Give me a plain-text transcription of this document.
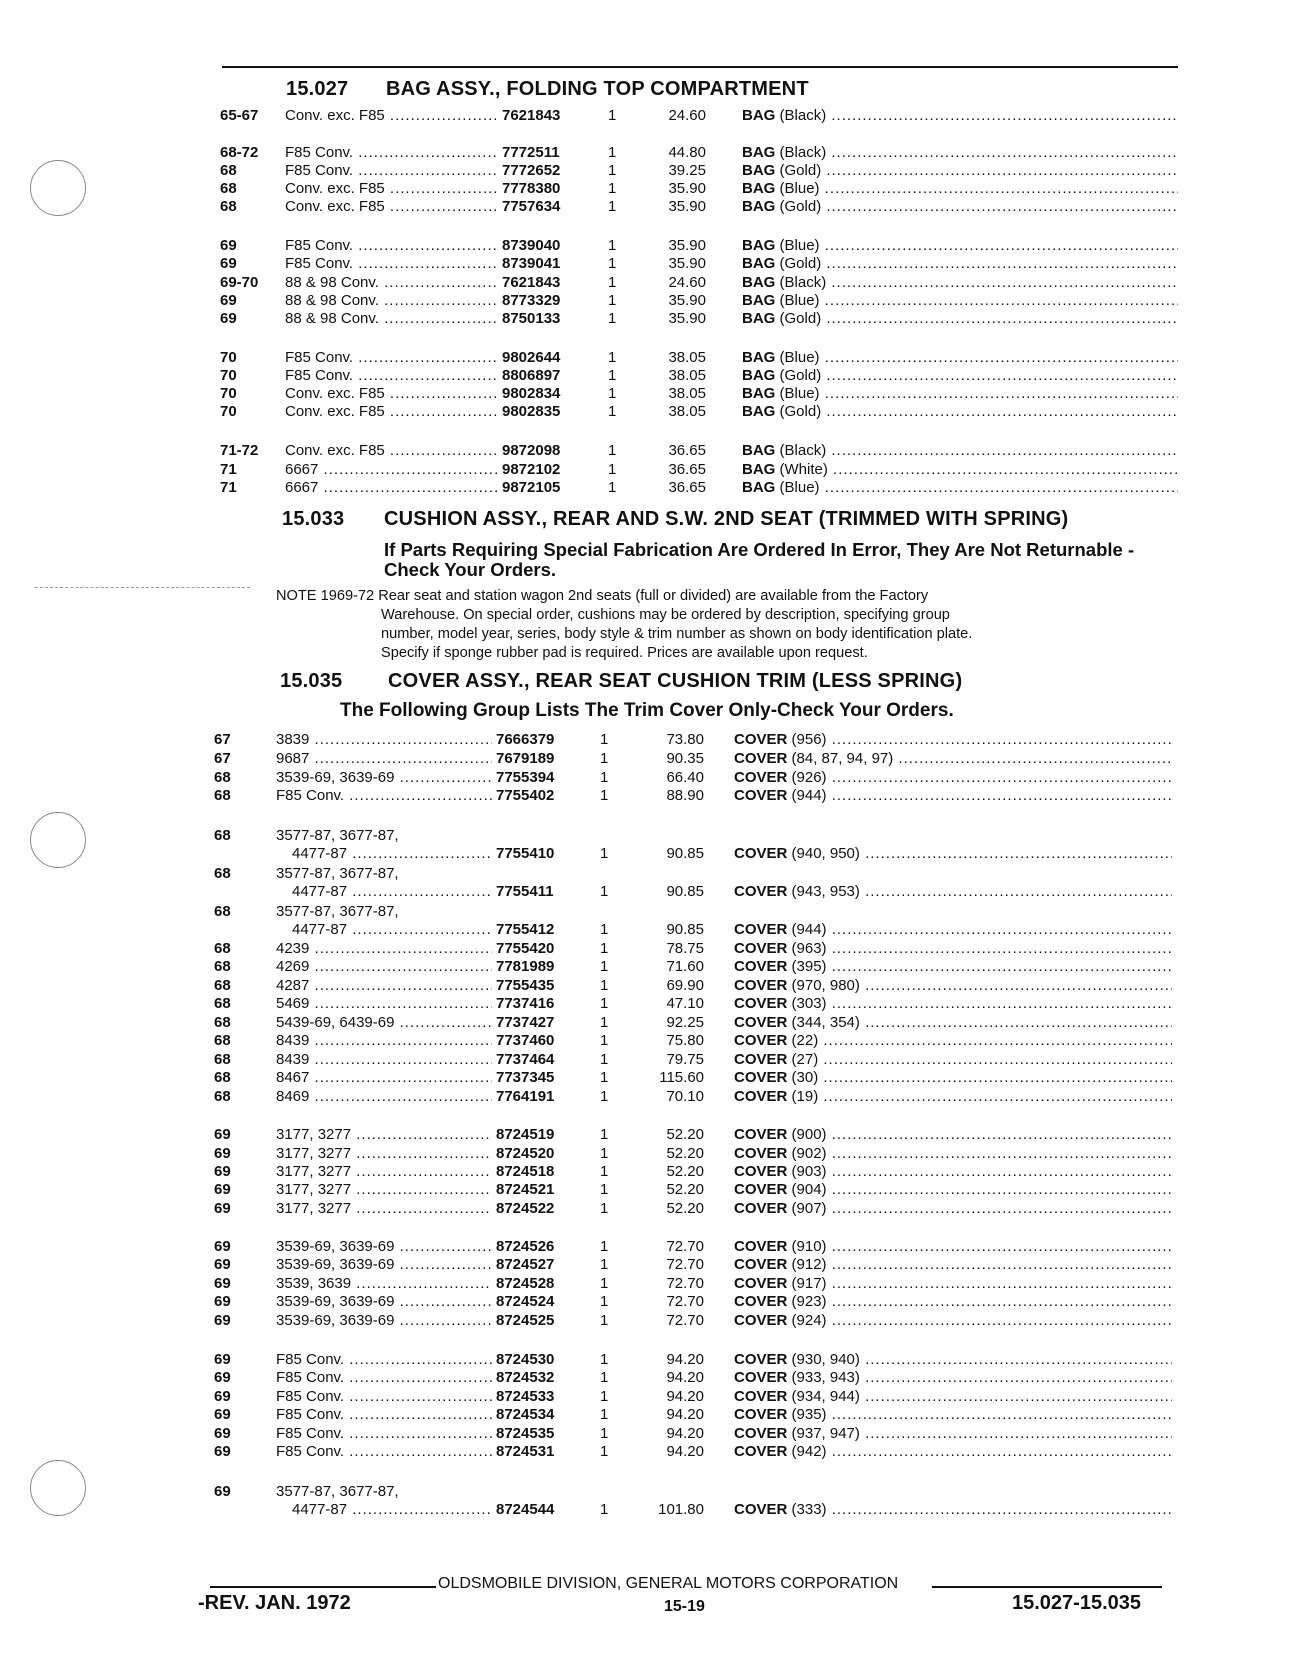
15.027 BAG ASSY., FOLDING TOP COMPARTMENT
65-67 Conv. exc. F85 .....	7621843	1	24.60 BAG (Black) .....
68-72 F85 Conv. .....	7772511	1	44.80 BAG (Black) .....
68	F85 Conv. .....	7772652	1	39.25 BAG (Gold) .....
68	Conv. exc. F85 .....	7778380	1	35.90 BAG (Blue) .....
68	Conv. exc. F85 .....	7757634	1	35.90 BAG (Gold) .....
69	F85 Conv. .....	8739040	1	35.90 BAG (Blue) .....
69	F85 Conv. .....	8739041	1	35.90 BAG (Gold) .....
69-70 88 & 98 Conv. .....	7621843	1	24.60 BAG (Black) .....
69	88 & 98 Conv. .....	8773329	1	35.90 BAG (Blue) .....
69	88 & 98 Conv. .....	8750133	1	35.90 BAG (Gold) .....
70	F85 Conv. .....	9802644	1	38.05 BAG (Blue) .....
70	F85 Conv. .....	8806897	1	38.05 BAG (Gold) .....
70	Conv. exc. F85 .....	9802834	1	38.05 BAG (Blue) .....
70	Conv. exc. F85 .....	9802835	1	38.05 BAG (Gold) .....
71-72 Conv. exc. F85 .....	9872098	1	36.65 BAG (Black) .....
71	6667 .....	9872102	1	36.65 BAG (White) .....
71	6667 .....	9872105	1	36.65 BAG (Blue) .....
15.033 CUSHION ASSY., REAR AND S.W. 2ND SEAT (TRIMMED WITH SPRING)
If Parts Requiring Special Fabrication Are Ordered In Error, They Are Not Returnable - Check Your Orders.
NOTE 1969-72 Rear seat and station wagon 2nd seats (full or divided) are available from the Factory
Warehouse. On special order, cushions may be ordered by description, specifying group
number, model year, series, body style & trim number as shown on body identification plate.
Specify if sponge rubber pad is required. Prices are available upon request.
15.035 COVER ASSY., REAR SEAT CUSHION TRIM (LESS SPRING)
The Following Group Lists The Trim Cover Only-Check Your Orders.
67	3839 .....	7666379	1	73.80 COVER (956) .....
67	9687 .....	7679189	1	90.35 COVER (84, 87, 94, 97) .....
68	3539-69, 3639-69 .....	7755394	1	66.40 COVER (926) .....
68	F85 Conv. .....	7755402	1	88.90 COVER (944) .....
68	3577-87, 3677-87,
4477-87 .....	7755410	1	90.85 COVER (940, 950) .....
68	3577-87, 3677-87,
4477-87 .....	7755411	1	90.85 COVER (943, 953) .....
68	3577-87, 3677-87,
4477-87 .....	7755412	1	90.85 COVER (944) .....
68	4239 .....	7755420	1	78.75 COVER (963) .....
68	4269 .....	7781989	1	71.60 COVER (395) .....
68	4287 .....	7755435	1	69.90 COVER (970, 980) .....
68	5469 .....	7737416	1	47.10 COVER (303) .....
68	5439-69, 6439-69 .....	7737427	1	92.25 COVER (344, 354) .....
68	8439 .....	7737460	1	75.80 COVER (22) .....
68	8439 .....	7737464	1	79.75 COVER (27) .....
68	8467 .....	7737345	1	115.60 COVER (30) .....
68	8469 .....	7764191	1	70.10 COVER (19) .....
69	3177, 3277 .....	8724519	1	52.20 COVER (900) .....
69	3177, 3277 .....	8724520	1	52.20 COVER (902) .....
69	3177, 3277 .....	8724518	1	52.20 COVER (903) .....
69	3177, 3277 .....	8724521	1	52.20 COVER (904) .....
69	3177, 3277 .....	8724522	1	52.20 COVER (907) .....
69	3539-69, 3639-69 .....	8724526	1	72.70 COVER (910) .....
69	3539-69, 3639-69 .....	8724527	1	72.70 COVER (912) .....
69	3539, 3639 .....	8724528	1	72.70 COVER (917) .....
69	3539-69, 3639-69 .....	8724524	1	72.70 COVER (923) .....
69	3539-69, 3639-69 .....	8724525	1	72.70 COVER (924) .....
69	F85 Conv. .....	8724530	1	94.20 COVER (930, 940) .....
69	F85 Conv. .....	8724532	1	94.20 COVER (933, 943) .....
69	F85 Conv. .....	8724533	1	94.20 COVER (934, 944) .....
69	F85 Conv. .....	8724534	1	94.20 COVER (935) .....
69	F85 Conv. .....	8724535	1	94.20 COVER (937, 947) .....
69	F85 Conv. .....	8724531	1	94.20 COVER (942) .....
69	3577-87, 3677-87,
4477-87 .....	8724544	1	101.80 COVER (333) .....
OLDSMOBILE DIVISION, GENERAL MOTORS CORPORATION
-REV. JAN. 1972	15-19	15.027-15.035
